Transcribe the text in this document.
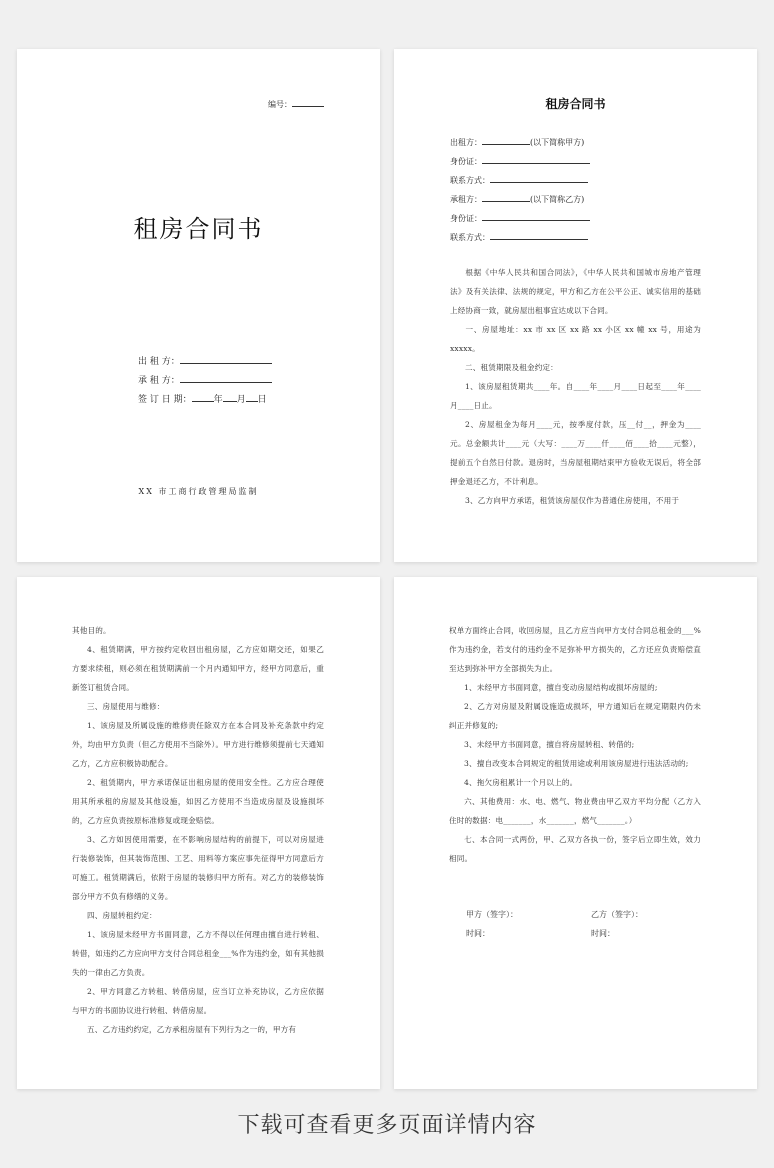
编号：
租房合同书
出 租 方：
承 租 方：
签 订 日 期： 年 月 日
XX 市工商行政管理局监制
租房合同书
出租方：	(以下简称甲方)
身份证：
联系方式：
承租方：	(以下简称乙方)
身份证：
联系方式：
根据《中华人民共和国合同法》，《中华人民共和国城市房地产管理法》及有关法律、法规的规定，甲方和乙方在公平公正、诚实信用的基础上经协商一致，就房屋出租事宜达成以下合同。
一、房屋地址：xx 市 xx 区 xx 路 xx 小区 xx 幢 xx 号，用途为 xxxxx。
二、租赁期限及租金约定：
1、该房屋租赁期共____年。自____年____月____日起至____年____月____日止。
2、房屋租金为每月____元，按季度付款，压__付__，押金为____元。总金额共计____元（大写：____万____仟____佰____拾____元整），提前五个自然日付款。退房时，当房屋租期结束甲方验收无误后，将全部押金退还乙方，不计利息。
3、乙方向甲方承诺，租赁该房屋仅作为普通住房使用，不用于
其他目的。
4、租赁期满，甲方按约定收回出租房屋，乙方应如期交还，如果乙方要求续租，则必须在租赁期满前一个月内通知甲方，经甲方同意后，重新签订租赁合同。
三、房屋使用与维修：
1、该房屋及所属设施的维修责任除双方在本合同及补充条款中约定外，均由甲方负责（但乙方使用不当除外）。甲方进行维修须提前七天通知乙方，乙方应积极协助配合。
2、租赁期内，甲方承诺保证出租房屋的使用安全性。乙方应合理使用其所承租的房屋及其他设施，如因乙方使用不当造成房屋及设施损坏的，乙方应负责按原标准修复或现金赔偿。
3、乙方如因使用需要，在不影响房屋结构的前提下，可以对房屋进行装修装饰，但其装饰范围、工艺、用料等方案应事先征得甲方同意后方可施工。租赁期满后，依附于房屋的装修归甲方所有。对乙方的装修装饰部分甲方不负有修缮的义务。
四、房屋转租约定：
1、该房屋未经甲方书面同意，乙方不得以任何理由擅自进行转租、转借，如违约乙方应向甲方支付合同总租金___%作为违约金，如有其他损失的一律由乙方负责。
2、甲方同意乙方转租、转借房屋，应当订立补充协议，乙方应依据与甲方的书面协议进行转租、转借房屋。
五、乙方违约约定，乙方承租房屋有下列行为之一的，甲方有
权单方面终止合同，收回房屋，且乙方应当向甲方支付合同总租金的___%作为违约金，若支付的违约金不足弥补甲方损失的，乙方还应负责赔偿直至达到弥补甲方全部损失为止。
1、未经甲方书面同意，擅自变动房屋结构或损坏房屋的;
2、乙方对房屋及附属设施造成损坏，甲方通知后在规定期限内仍未纠正并修复的;
3、未经甲方书面同意，擅自将房屋转租、转借的;
3、擅自改变本合同规定的租赁用途或利用该房屋进行违法活动的;
4、拖欠房租累计一个月以上的。
六、其他费用：水、电、燃气、物业费由甲乙双方平均分配（乙方入住时的数据：电_______，水_______，燃气_______。）
七、本合同一式两份，甲、乙双方各执一份，签字后立即生效，效力相同。
甲方（签字）：	乙方（签字）：
时间：	时间：
下载可查看更多页面详情内容
